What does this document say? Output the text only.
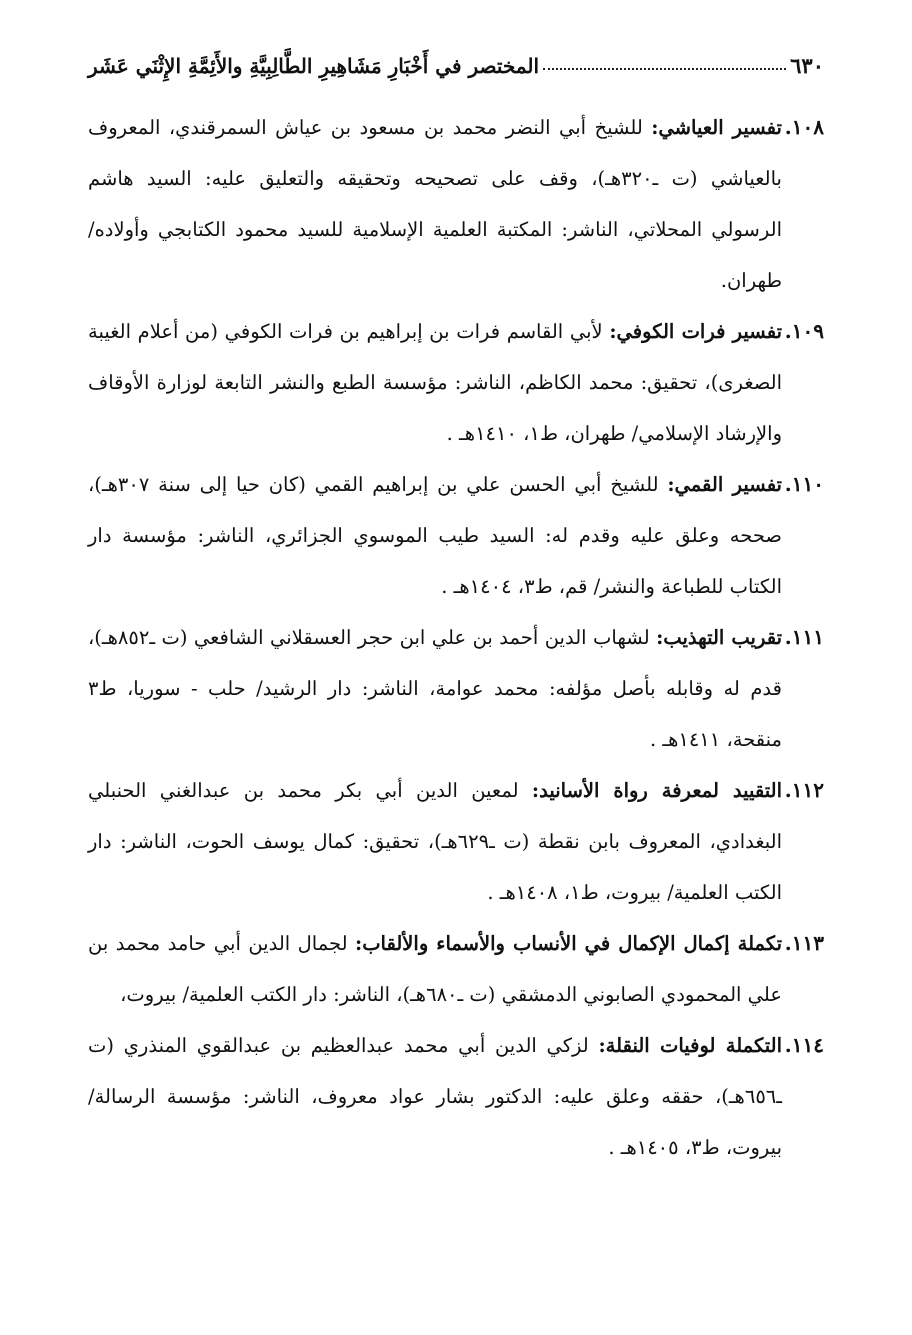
٦٣٠
المختصر في أَخْبَارِ مَشَاهِيرِ الطَّالِبِيَّةِ والأَئِمَّةِ الإِثْنَي عَشَر
١٠٨.
تفسير العياشي: للشيخ أبي النضر محمد بن مسعود بن عياش السمرقندي، المعروف بالعياشي (ت ـ٣٢٠هـ)، وقف على تصحيحه وتحقيقه والتعليق عليه: السيد هاشم الرسولي المحلاتي، الناشر: المكتبة العلمية الإسلامية للسيد محمود الكتابجي وأولاده/ طهران.
١٠٩.
تفسير فرات الكوفي: لأبي القاسم فرات بن إبراهيم بن فرات الكوفي (من أعلام الغيبة الصغرى)، تحقيق: محمد الكاظم، الناشر: مؤسسة الطبع والنشر التابعة لوزارة الأوقاف والإرشاد الإسلامي/ طهران، ط١، ١٤١٠هـ .
١١٠.
تفسير القمي: للشيخ أبي الحسن علي بن إبراهيم القمي (كان حيا إلى سنة ٣٠٧هـ)، صححه وعلق عليه وقدم له: السيد طيب الموسوي الجزائري، الناشر: مؤسسة دار الكتاب للطباعة والنشر/ قم، ط٣، ١٤٠٤هـ .
١١١.
تقريب التهذيب: لشهاب الدين أحمد بن علي ابن حجر العسقلاني الشافعي (ت ـ٨٥٢هـ)، قدم له وقابله بأصل مؤلفه: محمد عوامة، الناشر: دار الرشيد/ حلب - سوريا، ط٣ منقحة، ١٤١١هـ .
١١٢.
التقييد لمعرفة رواة الأسانيد: لمعين الدين أبي بكر محمد بن عبدالغني الحنبلي البغدادي، المعروف بابن نقطة (ت ـ٦٢٩هـ)، تحقيق: كمال يوسف الحوت، الناشر: دار الكتب العلمية/ بيروت، ط١، ١٤٠٨هـ .
١١٣.
تكملة إكمال الإكمال في الأنساب والأسماء والألقاب: لجمال الدين أبي حامد محمد بن علي المحمودي الصابوني الدمشقي (ت ـ٦٨٠هـ)، الناشر: دار الكتب العلمية/ بيروت،
١١٤.
التكملة لوفيات النقلة: لزكي الدين أبي محمد عبدالعظيم بن عبدالقوي المنذري (ت ـ٦٥٦هـ)، حققه وعلق عليه: الدكتور بشار عواد معروف، الناشر: مؤسسة الرسالة/ بيروت، ط٣، ١٤٠٥هـ .
